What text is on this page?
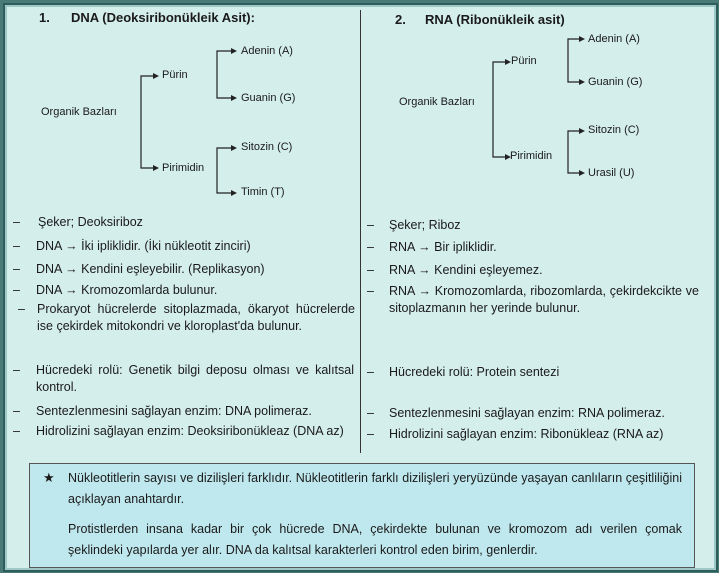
1. DNA (Deoksiribonükleik Asit):
Organik Bazları
Pürin
Pirimidin
Adenin (A)
Guanin (G)
Sitozin (C)
Timin (T)
– Şeker; Deoksiriboz
– DNA → İki ipliklidir. (İki nükleotit zinciri)
– DNA → Kendini eşleyebilir. (Replikasyon)
– DNA → Kromozomlarda bulunur.
– Prokaryot hücrelerde sitoplazmada, ökaryot hücrelerde ise çekirdek mitokondri ve kloroplast'da bulunur.
– Hücredeki rolü: Genetik bilgi deposu olması ve kalıtsal kontrol.
– Sentezlenmesini sağlayan enzim: DNA polimeraz.
– Hidrolizini sağlayan enzim: Deoksiribonükleaz (DNA az)
2. RNA (Ribonükleik asit)
Organik Bazları
Pürin
Pirimidin
Adenin (A)
Guanin (G)
Sitozin (C)
Urasil (U)
– Şeker; Riboz
– RNA → Bir ipliklidir.
– RNA → Kendini eşleyemez.
– RNA → Kromozomlarda, ribozomlarda, çekirdekcikte ve sitoplazmanın her yerinde bulunur.
– Hücredeki rolü: Protein sentezi
– Sentezlenmesini sağlayan enzim: RNA polimeraz.
– Hidrolizini sağlayan enzim: Ribonükleaz (RNA az)
★ Nükleotitlerin sayısı ve dizilişleri farklıdır. Nükleotitlerin farklı dizilişleri yeryüzünde yaşayan canlıların çeşitliliğini açıklayan anahtardır.
Protistlerden insana kadar bir çok hücrede DNA, çekirdekte bulunan ve kromozom adı verilen çomak şeklindeki yapılarda yer alır. DNA da kalıtsal karakterleri kontrol eden birim, genlerdir.
